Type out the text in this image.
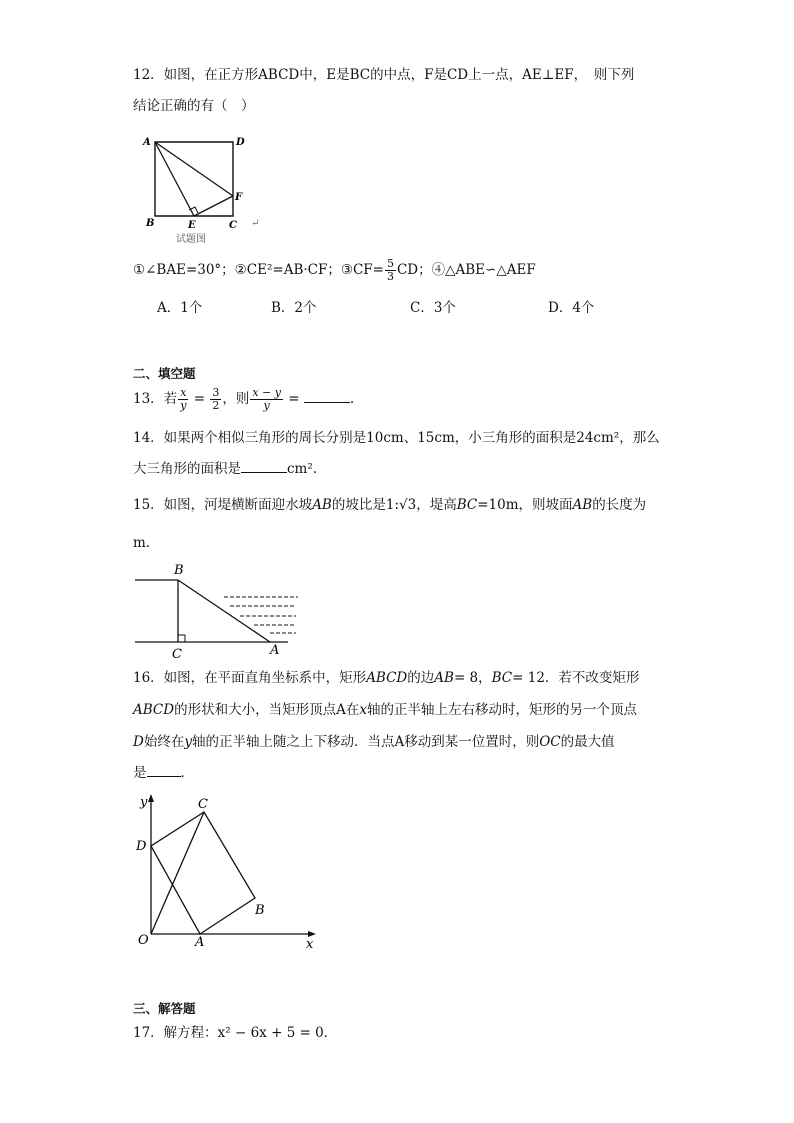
12．如图，在正方形ABCD中，E是BC的中点，F是CD上一点，AE⊥EF，　则下列
结论正确的有（　）
A	D
B	E	C
F
↵
试题图
①∠BAE=30°；②CE²=AB·CF；③CF= $\frac{5}{3}$ CD；④△ABE∽△AEF
A．1个	B．2个	C．3个	D．4个
二、填空题
13．若 $\frac{x}{y} = \frac{3}{2}$ ，则 $\frac{x - y}{y}$ =	.
14．如果两个相似三角形的周长分别是10cm、15cm，小三角形的面积是24cm²，那么
大三角形的面积是	cm².
15．如图，河堤横断面迎水坡AB的坡比是1:√3，堤高BC=10m，则坡面AB的长度为
m.
B
C	A
16．如图，在平面直角坐标系中，矩形ABCD的边AB= 8，BC= 12．若不改变矩形
ABCD的形状和大小，当矩形顶点A在x轴的正半轴上左右移动时，矩形的另一个顶点
D始终在y轴的正半轴上随之上下移动．当点A移动到某一位置时，则OC的最大值
是	．
y
x
O	A
B
C
D
三、解答题
17．解方程：x² − 6x + 5 = 0．
